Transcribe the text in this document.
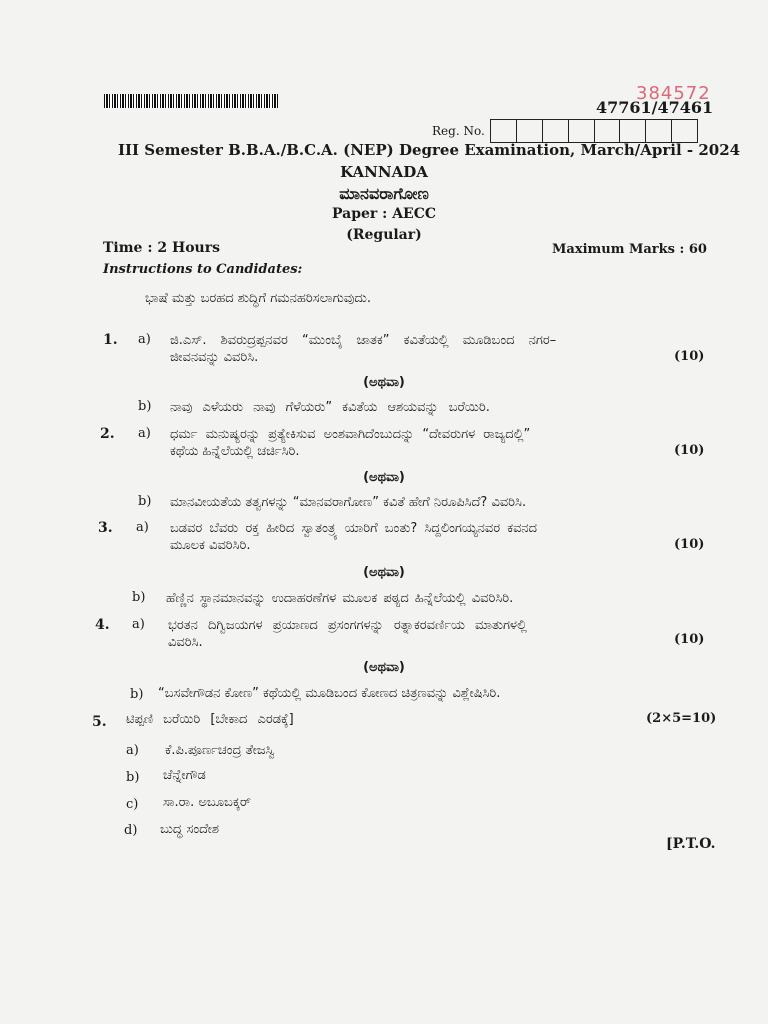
384572
47761/47461
Reg. No.
III Semester B.B.A./B.C.A. (NEP) Degree Examination, March/April - 2024
KANNADA
ಮಾನವರಾಗೋಣ
Paper : AECC
(Regular)
Time : 2 Hours	Maximum Marks : 60
Instructions to Candidates:
ಭಾಷೆ ಮತ್ತು ಬರಹದ ಶುದ್ಧಿಗೆ ಗಮನಹರಿಸಲಾಗುವುದು.
1. a) ಜಿ.ಎಸ್. ಶಿವರುದ್ರಪ್ಪನವರ “ಮುಂಬೈ ಜಾತಕ” ಕವಿತೆಯಲ್ಲಿ ಮೂಡಿಬಂದ ನಗರ–
ಜೀವನವನ್ನು ವಿವರಿಸಿ.	(10)
(ಅಥವಾ)
b) ನಾವು ಎಳೆಯರು ನಾವು ಗೆಳೆಯರು” ಕವಿತೆಯ ಆಶಯವನ್ನು ಬರೆಯಿರಿ.
2. a) ಧರ್ಮ ಮನುಷ್ಯರನ್ನು ಪ್ರತ್ಯೇಕಿಸುವ ಅಂಶವಾಗಿದೆಂಬುದನ್ನು “ದೇವರುಗಳ ರಾಜ್ಯದಲ್ಲಿ”
ಕಥೆಯ ಹಿನ್ನೆಲೆಯಲ್ಲಿ ಚರ್ಚಿಸಿರಿ.	(10)
(ಅಥವಾ)
b) ಮಾನವೀಯತೆಯ ತತ್ವಗಳನ್ನು “ಮಾನವರಾಗೋಣ” ಕವಿತೆ ಹೇಗೆ ನಿರೂಪಿಸಿದೆ? ವಿವರಿಸಿ.
3. a) ಬಡವರ ಬೆವರು ರಕ್ತ ಹೀರಿದ ಸ್ವಾತಂತ್ರ್ಯ ಯಾರಿಗೆ ಬಂತು? ಸಿದ್ದಲಿಂಗಯ್ಯನವರ ಕವನದ
ಮೂಲಕ ವಿವರಿಸಿರಿ.	(10)
(ಅಥವಾ)
b) ಹೆಣ್ಣಿನ ಸ್ಥಾನಮಾನವನ್ನು ಉದಾಹರಣೆಗಳ ಮೂಲಕ ಪಠ್ಯದ ಹಿನ್ನೆಲೆಯಲ್ಲಿ ವಿವರಿಸಿರಿ.
4. a) ಭರತನ ದಿಗ್ವಿಜಯಗಳ ಪ್ರಯಾಣದ ಪ್ರಸಂಗಗಳನ್ನು ರತ್ನಾಕರವರ್ಣಿಯ ಮಾತುಗಳಲ್ಲಿ
ವಿವರಿಸಿ.	(10)
(ಅಥವಾ)
b) “ಬಸವೇಗೌಡನ ಕೋಣ” ಕಥೆಯಲ್ಲಿ ಮೂಡಿಬಂದ ಕೋಣದ ಚಿತ್ರಣವನ್ನು ವಿಶ್ಲೇಷಿಸಿರಿ.
5. ಟಿಪ್ಪಣಿ ಬರೆಯಿರಿ [ಬೇಕಾದ ಎರಡಕ್ಕೆ]	(2×5=10)
a) ಕೆ.ಪಿ.ಪೂರ್ಣಚಂದ್ರ ತೇಜಸ್ವಿ
b) ಚೆನ್ನೇಗೌಡ
c) ಸಾ.ರಾ. ಅಬೂಬಕ್ಕರ್
d) ಬುದ್ಧ ಸಂದೇಶ
[P.T.O.
